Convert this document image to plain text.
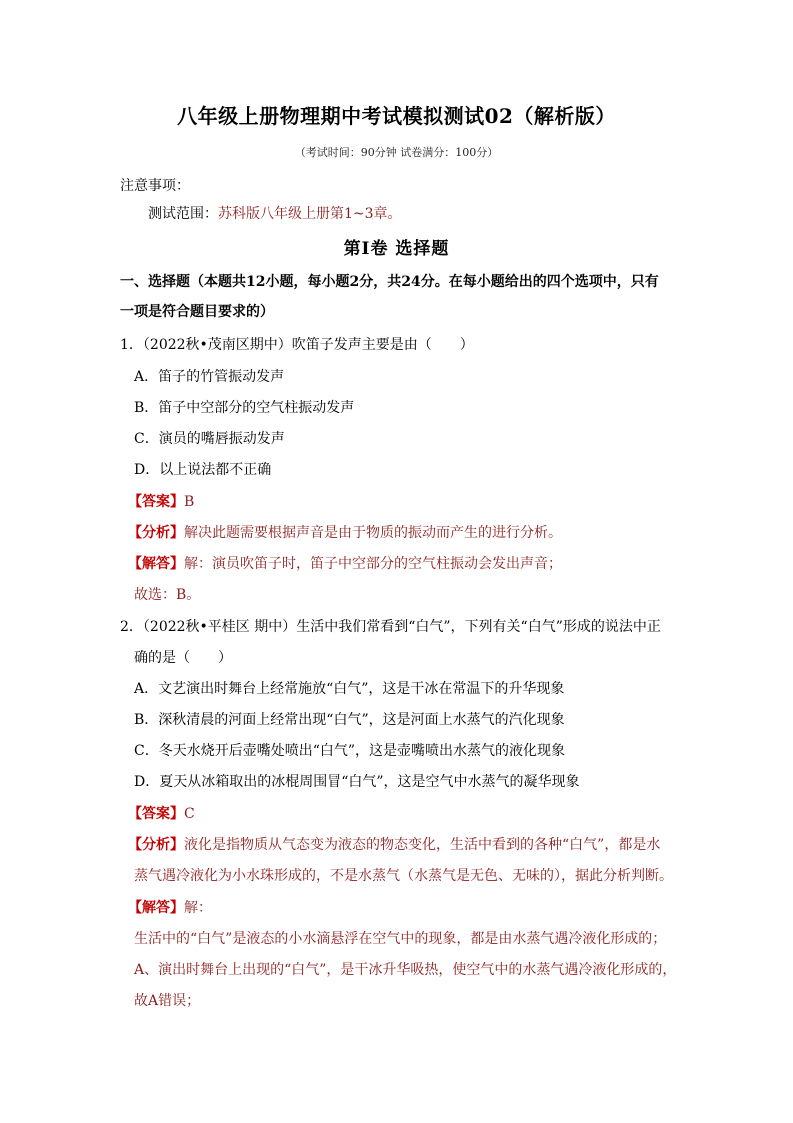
八年级上册物理期中考试模拟测试02（解析版）
（考试时间：90分钟 试卷满分：100分）
注意事项：
测试范围：苏科版八年级上册第1~3章。
第Ⅰ卷 选择题
一、选择题（本题共12小题，每小题2分，共24分。在每小题给出的四个选项中，只有
一项是符合题目要求的）
1．（2022秋•茂南区期中）吹笛子发声主要是由（　　）
A．笛子的竹管振动发声
B．笛子中空部分的空气柱振动发声
C．演员的嘴唇振动发声
D．以上说法都不正确
【答案】B
【分析】解决此题需要根据声音是由于物质的振动而产生的进行分析。
【解答】解：演员吹笛子时，笛子中空部分的空气柱振动会发出声音；
故选：B。
2．（2022秋•平桂区 期中）生活中我们常看到“白气”，下列有关“白气”形成的说法中正
确的是（　　）
A．文艺演出时舞台上经常施放“白气”，这是干冰在常温下的升华现象
B．深秋清晨的河面上经常出现“白气”，这是河面上水蒸气的汽化现象
C．冬天水烧开后壶嘴处喷出“白气”，这是壶嘴喷出水蒸气的液化现象
D．夏天从冰箱取出的冰棍周围冒“白气”，这是空气中水蒸气的凝华现象
【答案】C
【分析】液化是指物质从气态变为液态的物态变化，生活中看到的各种“白气”，都是水
蒸气遇冷液化为小水珠形成的，不是水蒸气（水蒸气是无色、无味的），据此分析判断。
【解答】解：
生活中的“白气”是液态的小水滴悬浮在空气中的现象，都是由水蒸气遇冷液化形成的；
A、演出时舞台上出现的“白气”，是干冰升华吸热，使空气中的水蒸气遇冷液化形成的，
故A错误；
